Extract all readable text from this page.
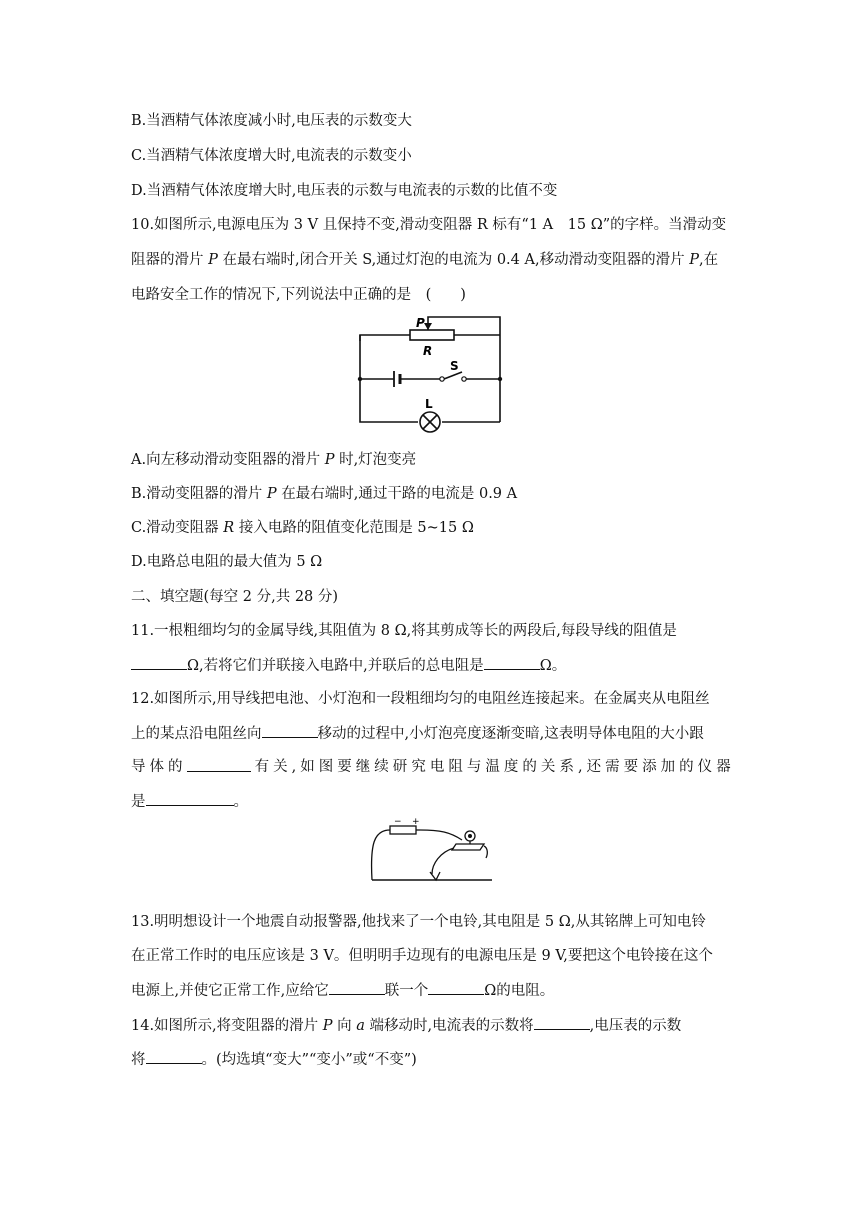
B.当酒精气体浓度减小时,电压表的示数变大
C.当酒精气体浓度增大时,电流表的示数变小
D.当酒精气体浓度增大时,电压表的示数与电流表的示数的比值不变
10.如图所示,电源电压为 3 V 且保持不变,滑动变阻器 R 标有“1 A　15 Ω”的字样。当滑动变
阻器的滑片 P 在最右端时,闭合开关 S,通过灯泡的电流为 0.4 A,移动滑动变阻器的滑片 P,在
电路安全工作的情况下,下列说法中正确的是　(　　)
P
R
S
L
A.向左移动滑动变阻器的滑片 P 时,灯泡变亮
B.滑动变阻器的滑片 P 在最右端时,通过干路的电流是 0.9 A
C.滑动变阻器 R 接入电路的阻值变化范围是 5~15 Ω
D.电路总电阻的最大值为 5 Ω
二、填空题(每空 2 分,共 28 分)
11.一根粗细均匀的金属导线,其阻值为 8 Ω,将其剪成等长的两段后,每段导线的阻值是
Ω,若将它们并联接入电路中,并联后的总电阻是	Ω。
12.如图所示,用导线把电池、小灯泡和一段粗细均匀的电阻丝连接起来。在金属夹从电阻丝
上的某点沿电阻丝向	移动的过程中,小灯泡亮度逐渐变暗,这表明导体电阻的大小跟
导 体 的	有 关 , 如 图 要 继 续 研 究 电 阻 与 温 度 的 关 系 , 还 需 要 添 加 的 仪 器
是	。
− +
13.明明想设计一个地震自动报警器,他找来了一个电铃,其电阻是 5 Ω,从其铭牌上可知电铃
在正常工作时的电压应该是 3 V。但明明手边现有的电源电压是 9 V,要把这个电铃接在这个
电源上,并使它正常工作,应给它	联一个	Ω的电阻。
14.如图所示,将变阻器的滑片 P 向 a 端移动时,电流表的示数将	,电压表的示数
将	。(均选填“变大”“变小”或“不变”)
